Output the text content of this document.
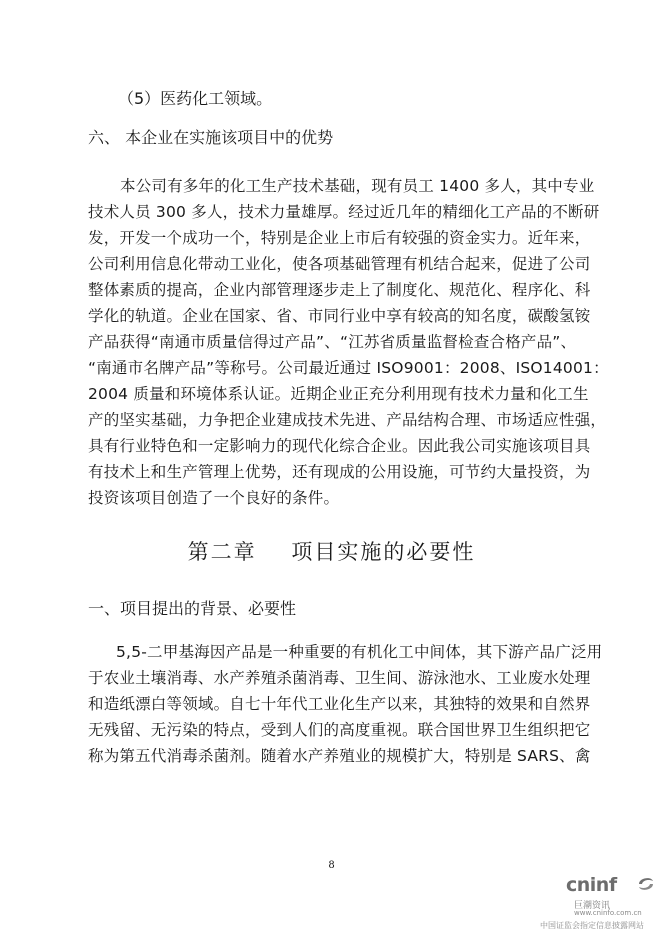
（5）医药化工领域。
六、 本企业在实施该项目中的优势
本公司有多年的化工生产技术基础，现有员工 1400 多人，其中专业
技术人员 300 多人，技术力量雄厚。经过近几年的精细化工产品的不断研
发，开发一个成功一个，特别是企业上市后有较强的资金实力。近年来，
公司利用信息化带动工业化，使各项基础管理有机结合起来，促进了公司
整体素质的提高，企业内部管理逐步走上了制度化、规范化、程序化、科
学化的轨道。企业在国家、省、市同行业中享有较高的知名度，碳酸氢铵
产品获得“南通市质量信得过产品”、“江苏省质量监督检查合格产品”、
“南通市名牌产品”等称号。公司最近通过 ISO9001：2008、ISO14001：
2004 质量和环境体系认证。近期企业正充分利用现有技术力量和化工生
产的坚实基础，力争把企业建成技术先进、产品结构合理、市场适应性强，
具有行业特色和一定影响力的现代化综合企业。因此我公司实施该项目具
有技术上和生产管理上优势，还有现成的公用设施，可节约大量投资，为
投资该项目创造了一个良好的条件。
第二章    项目实施的必要性
一、项目提出的背景、必要性
5,5-二甲基海因产品是一种重要的有机化工中间体，其下游产品广泛用
于农业土壤消毒、水产养殖杀菌消毒、卫生间、游泳池水、工业废水处理
和造纸漂白等领域。自七十年代工业化生产以来，其独特的效果和自然界
无残留、无污染的特点，受到人们的高度重视。联合国世界卫生组织把它
称为第五代消毒杀菌剂。随着水产养殖业的规模扩大，特别是 SARS、禽
8
cninf
巨潮资讯
www.cninfo.com.cn
中国证监会指定信息披露网站
